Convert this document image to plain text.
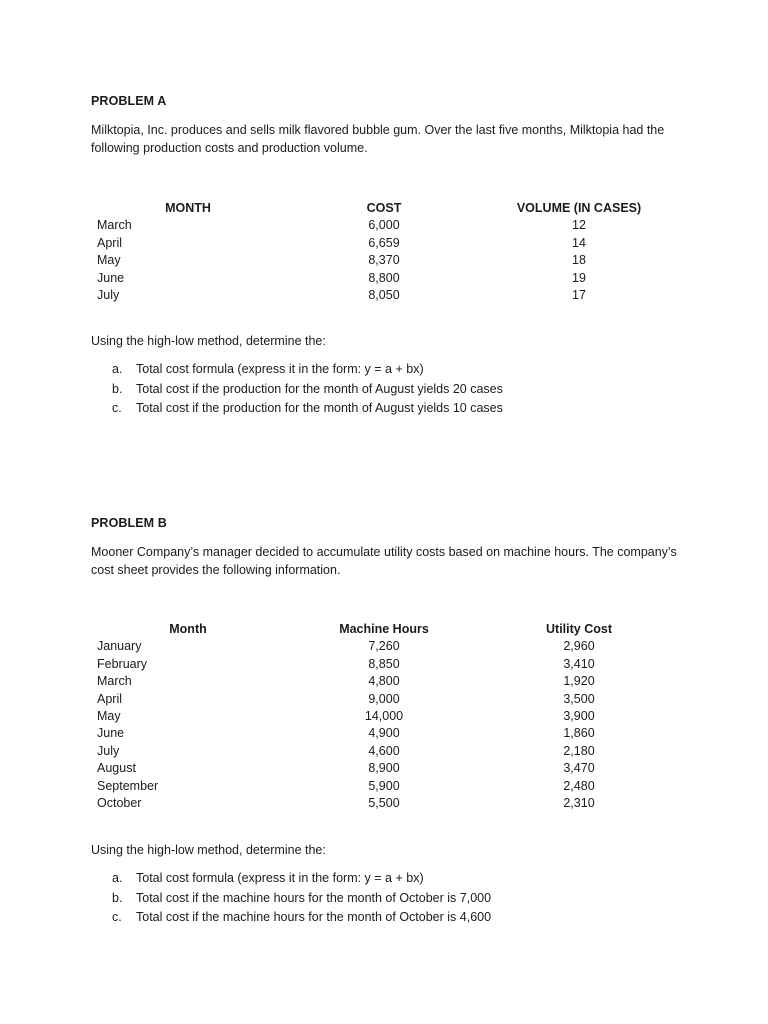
PROBLEM A
Milktopia, Inc. produces and sells milk flavored bubble gum. Over the last five months, Milktopia had the
following production costs and production volume.
MONTH	COST	VOLUME (IN CASES)
March	6,000	12
April	6,659	14
May	8,370	18
June	8,800	19
July	8,050	17
Using the high-low method, determine the:
a. Total cost formula (express it in the form: y = a + bx)
b. Total cost if the production for the month of August yields 20 cases
c. Total cost if the production for the month of August yields 10 cases
PROBLEM B
Mooner Company’s manager decided to accumulate utility costs based on machine hours. The company’s
cost sheet provides the following information.
Month	Machine Hours	Utility Cost
January	7,260	2,960
February	8,850	3,410
March	4,800	1,920
April	9,000	3,500
May	14,000	3,900
June	4,900	1,860
July	4,600	2,180
August	8,900	3,470
September	5,900	2,480
October	5,500	2,310
Using the high-low method, determine the:
a. Total cost formula (express it in the form: y = a + bx)
b. Total cost if the machine hours for the month of October is 7,000
c. Total cost if the machine hours for the month of October is 4,600
